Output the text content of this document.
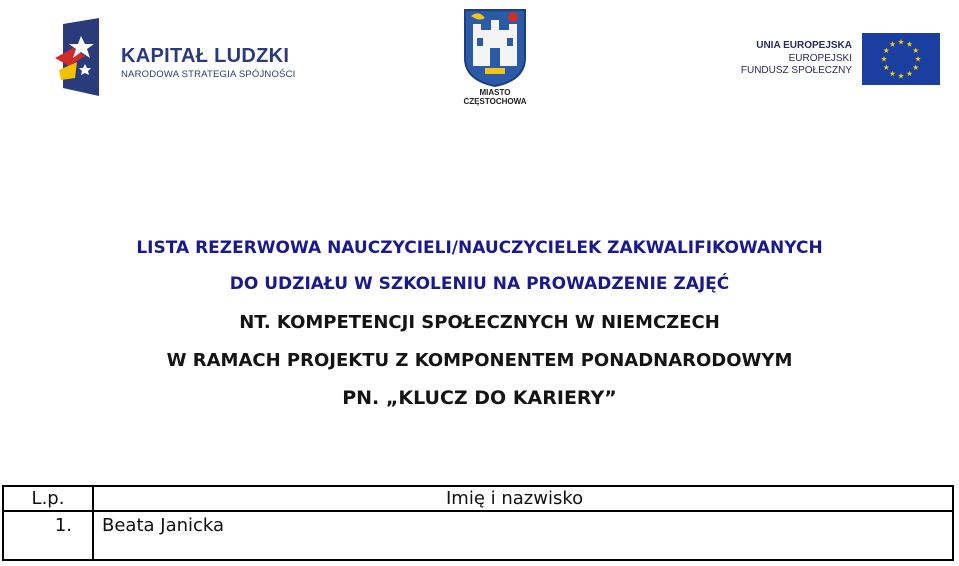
KAPITAŁ LUDZKI
NARODOWA STRATEGIA SPÓJNOŚCI
MIASTO
CZĘSTOCHOWA
UNIA EUROPEJSKA
EUROPEJSKI
FUNDUSZ SPOŁECZNY
LISTA REZERWOWA NAUCZYCIELI/NAUCZYCIELEK ZAKWALIFIKOWANYCH
DO UDZIAŁU W SZKOLENIU NA PROWADZENIE ZAJĘĆ
NT. KOMPETENCJI SPOŁECZNYCH W NIEMCZECH
W RAMACH PROJEKTU Z KOMPONENTEM PONADNARODOWYM
PN. „KLUCZ DO KARIERY”
L.p.	Imię i nazwisko
1.	Beata Janicka
